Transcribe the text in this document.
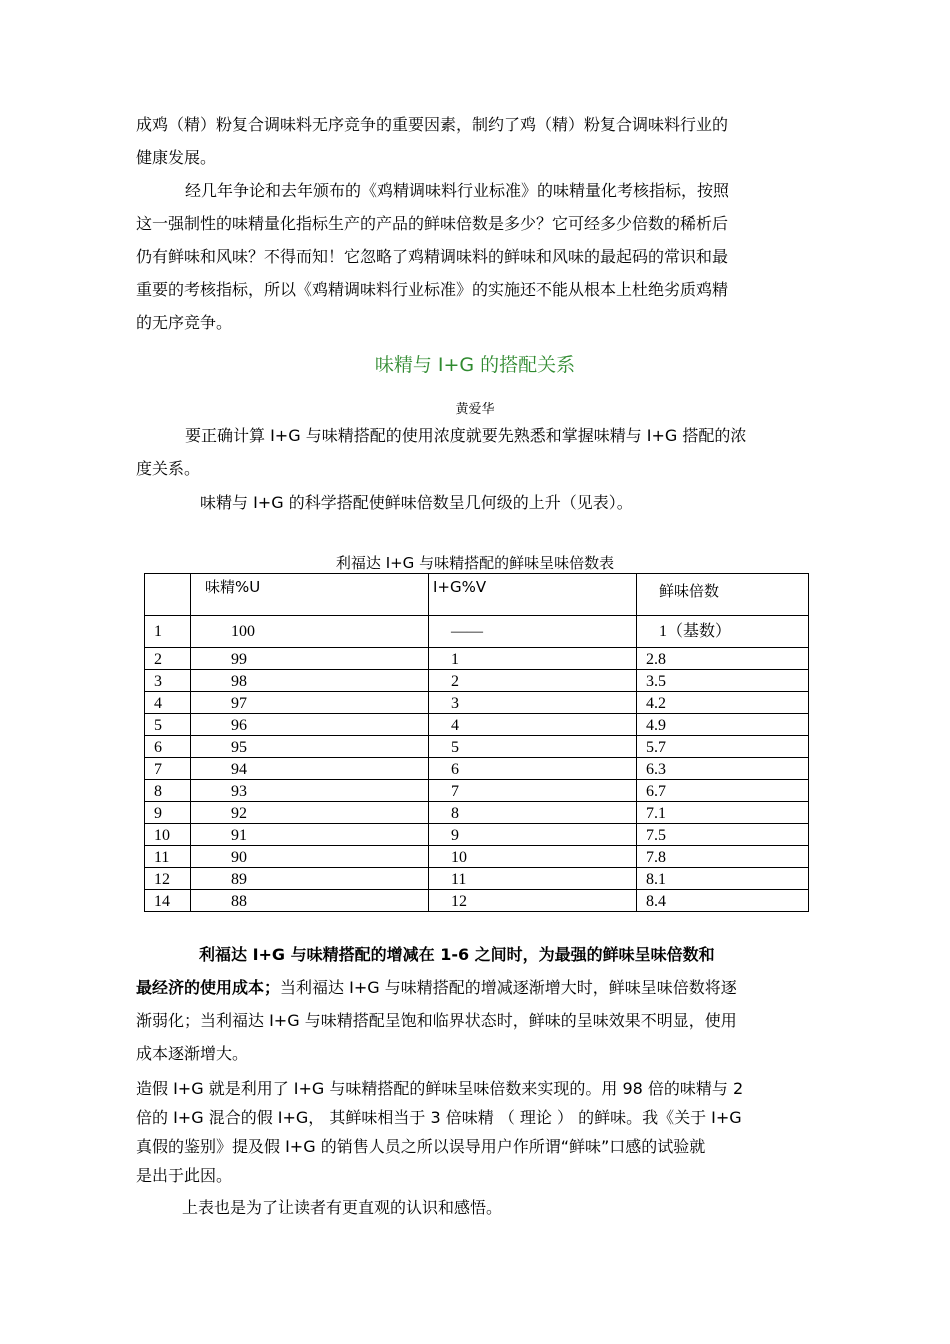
成鸡（精）粉复合调味料无序竞争的重要因素，制约了鸡（精）粉复合调味料行业的
健康发展。
经几年争论和去年颁布的《鸡精调味料行业标准》的味精量化考核指标，按照
这一强制性的味精量化指标生产的产品的鲜味倍数是多少？它可经多少倍数的稀析后
仍有鲜味和风味？不得而知！它忽略了鸡精调味料的鲜味和风味的最起码的常识和最
重要的考核指标，所以《鸡精调味料行业标准》的实施还不能从根本上杜绝劣质鸡精
的无序竞争。
味精与 I+G 的搭配关系
黄爱华
要正确计算 I+G 与味精搭配的使用浓度就要先熟悉和掌握味精与 I+G 搭配的浓
度关系。
味精与 I+G 的科学搭配使鲜味倍数呈几何级的上升（见表）。
利福达 I+G 与味精搭配的鲜味呈味倍数表
	味精%U	I+G%V	鲜味倍数
1	100	——	1（基数）
2	99	1	2.8
3	98	2	3.5
4	97	3	4.2
5	96	4	4.9
6	95	5	5.7
7	94	6	6.3
8	93	7	6.7
9	92	8	7.1
10	91	9	7.5
11	90	10	7.8
12	89	11	8.1
14	88	12	8.4
利福达 I+G 与味精搭配的增减在 1-6 之间时，为最强的鲜味呈味倍数和
最经济的使用成本；当利福达 I+G 与味精搭配的增减逐渐增大时，鲜味呈味倍数将逐
渐弱化；当利福达 I+G 与味精搭配呈饱和临界状态时，鲜味的呈味效果不明显，使用
成本逐渐增大。
造假 I+G 就是利用了 I+G 与味精搭配的鲜味呈味倍数来实现的。用 98 倍的味精与 2
倍的 I+G 混合的假 I+G， 其鲜味相当于 3 倍味精 （ 理论 ） 的鲜味。我《关于 I+G
真假的鉴别》提及假 I+G 的销售人员之所以误导用户作所谓“鲜味”口感的试验就
是出于此因。
上表也是为了让读者有更直观的认识和感悟。
